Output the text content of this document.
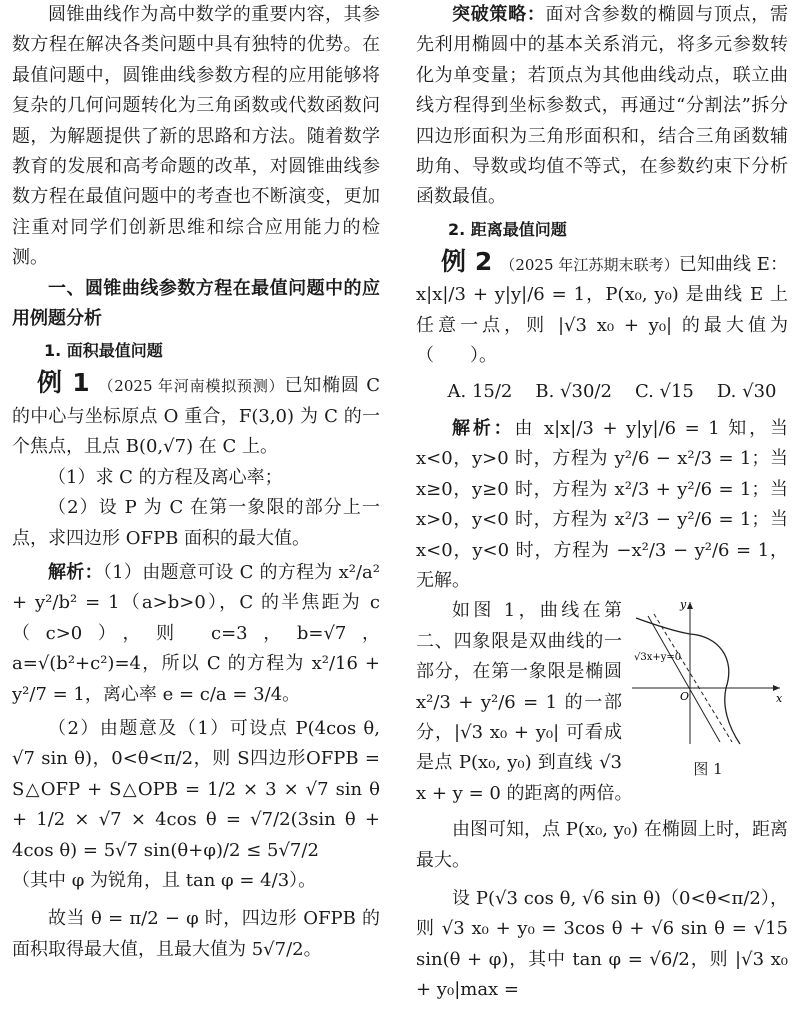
圆锥曲线作为高中数学的重要内容，其参数方程在解决各类问题中具有独特的优势。在最值问题中，圆锥曲线参数方程的应用能够将复杂的几何问题转化为三角函数或代数函数问题，为解题提供了新的思路和方法。随着数学教育的发展和高考命题的改革，对圆锥曲线参数方程在最值问题中的考查也不断演变，更加注重对同学们创新思维和综合应用能力的检测。

一、圆锥曲线参数方程在最值问题中的应用例题分析

1. 面积最值问题

例 1 （2025 年河南模拟预测）已知椭圆 C 的中心与坐标原点 O 重合，F(3,0) 为 C 的一个焦点，且点 B(0,√7) 在 C 上。

（1）求 C 的方程及离心率；

（2）设 P 为 C 在第一象限的部分上一点，求四边形 OFPB 面积的最大值。

解析：（1）由题意可设 C 的方程为 x²/a² + y²/b² = 1（a>b>0），C 的半焦距为 c（c>0），则 c=3，b=√7，a=√(b²+c²)=4，所以 C 的方程为 x²/16 + y²/7 = 1，离心率 e = c/a = 3/4。

（2）由题意及（1）可设点 P(4cos θ, √7 sin θ)，0<θ<π/2，则 S四边形OFPB = S△OFP + S△OPB = 1/2 × 3 × √7 sin θ + 1/2 × √7 × 4cos θ = √7/2(3sin θ + 4cos θ) = 5√7 sin(θ+φ)/2 ≤ 5√7/2

（其中 φ 为锐角，且 tan φ = 4/3）。

故当 θ = π/2 − φ 时，四边形 OFPB 的面积取得最大值，且最大值为 5√7/2。

突破策略：面对含参数的椭圆与顶点，需先利用椭圆中的基本关系消元，将多元参数转化为单变量；若顶点为其他曲线动点，联立曲线方程得到坐标参数式，再通过“分割法”拆分四边形面积为三角形面积和，结合三角函数辅助角、导数或均值不等式，在参数约束下分析函数最值。

2. 距离最值问题

例 2 （2025 年江苏期末联考）已知曲线 E：x|x|/3 + y|y|/6 = 1，P(x₀, y₀) 是曲线 E 上任意一点，则 |√3 x₀ + y₀| 的最大值为（　　）。

A. 15/2 B. √30/2 C. √15 D. √30

解析：由 x|x|/3 + y|y|/6 = 1 知，当 x<0，y>0 时，方程为 y²/6 − x²/3 = 1；当 x≥0，y≥0 时，方程为 x²/3 + y²/6 = 1；当 x>0，y<0 时，方程为 x²/3 − y²/6 = 1；当 x<0，y<0 时，方程为 −x²/3 − y²/6 = 1，无解。

x
y
O
√3x+y=0
图 1

如图 1，曲线在第二、四象限是双曲线的一部分，在第一象限是椭圆 x²/3 + y²/6 = 1 的一部分，|√3 x₀ + y₀| 可看成是点 P(x₀, y₀) 到直线 √3 x + y = 0 的距离的两倍。

由图可知，点 P(x₀, y₀) 在椭圆上时，距离最大。

设 P(√3 cos θ, √6 sin θ)（0<θ<π/2），则 √3 x₀ + y₀ = 3cos θ + √6 sin θ = √15 sin(θ + φ)，其中 tan φ = √6/2，则 |√3 x₀ + y₀|max =
